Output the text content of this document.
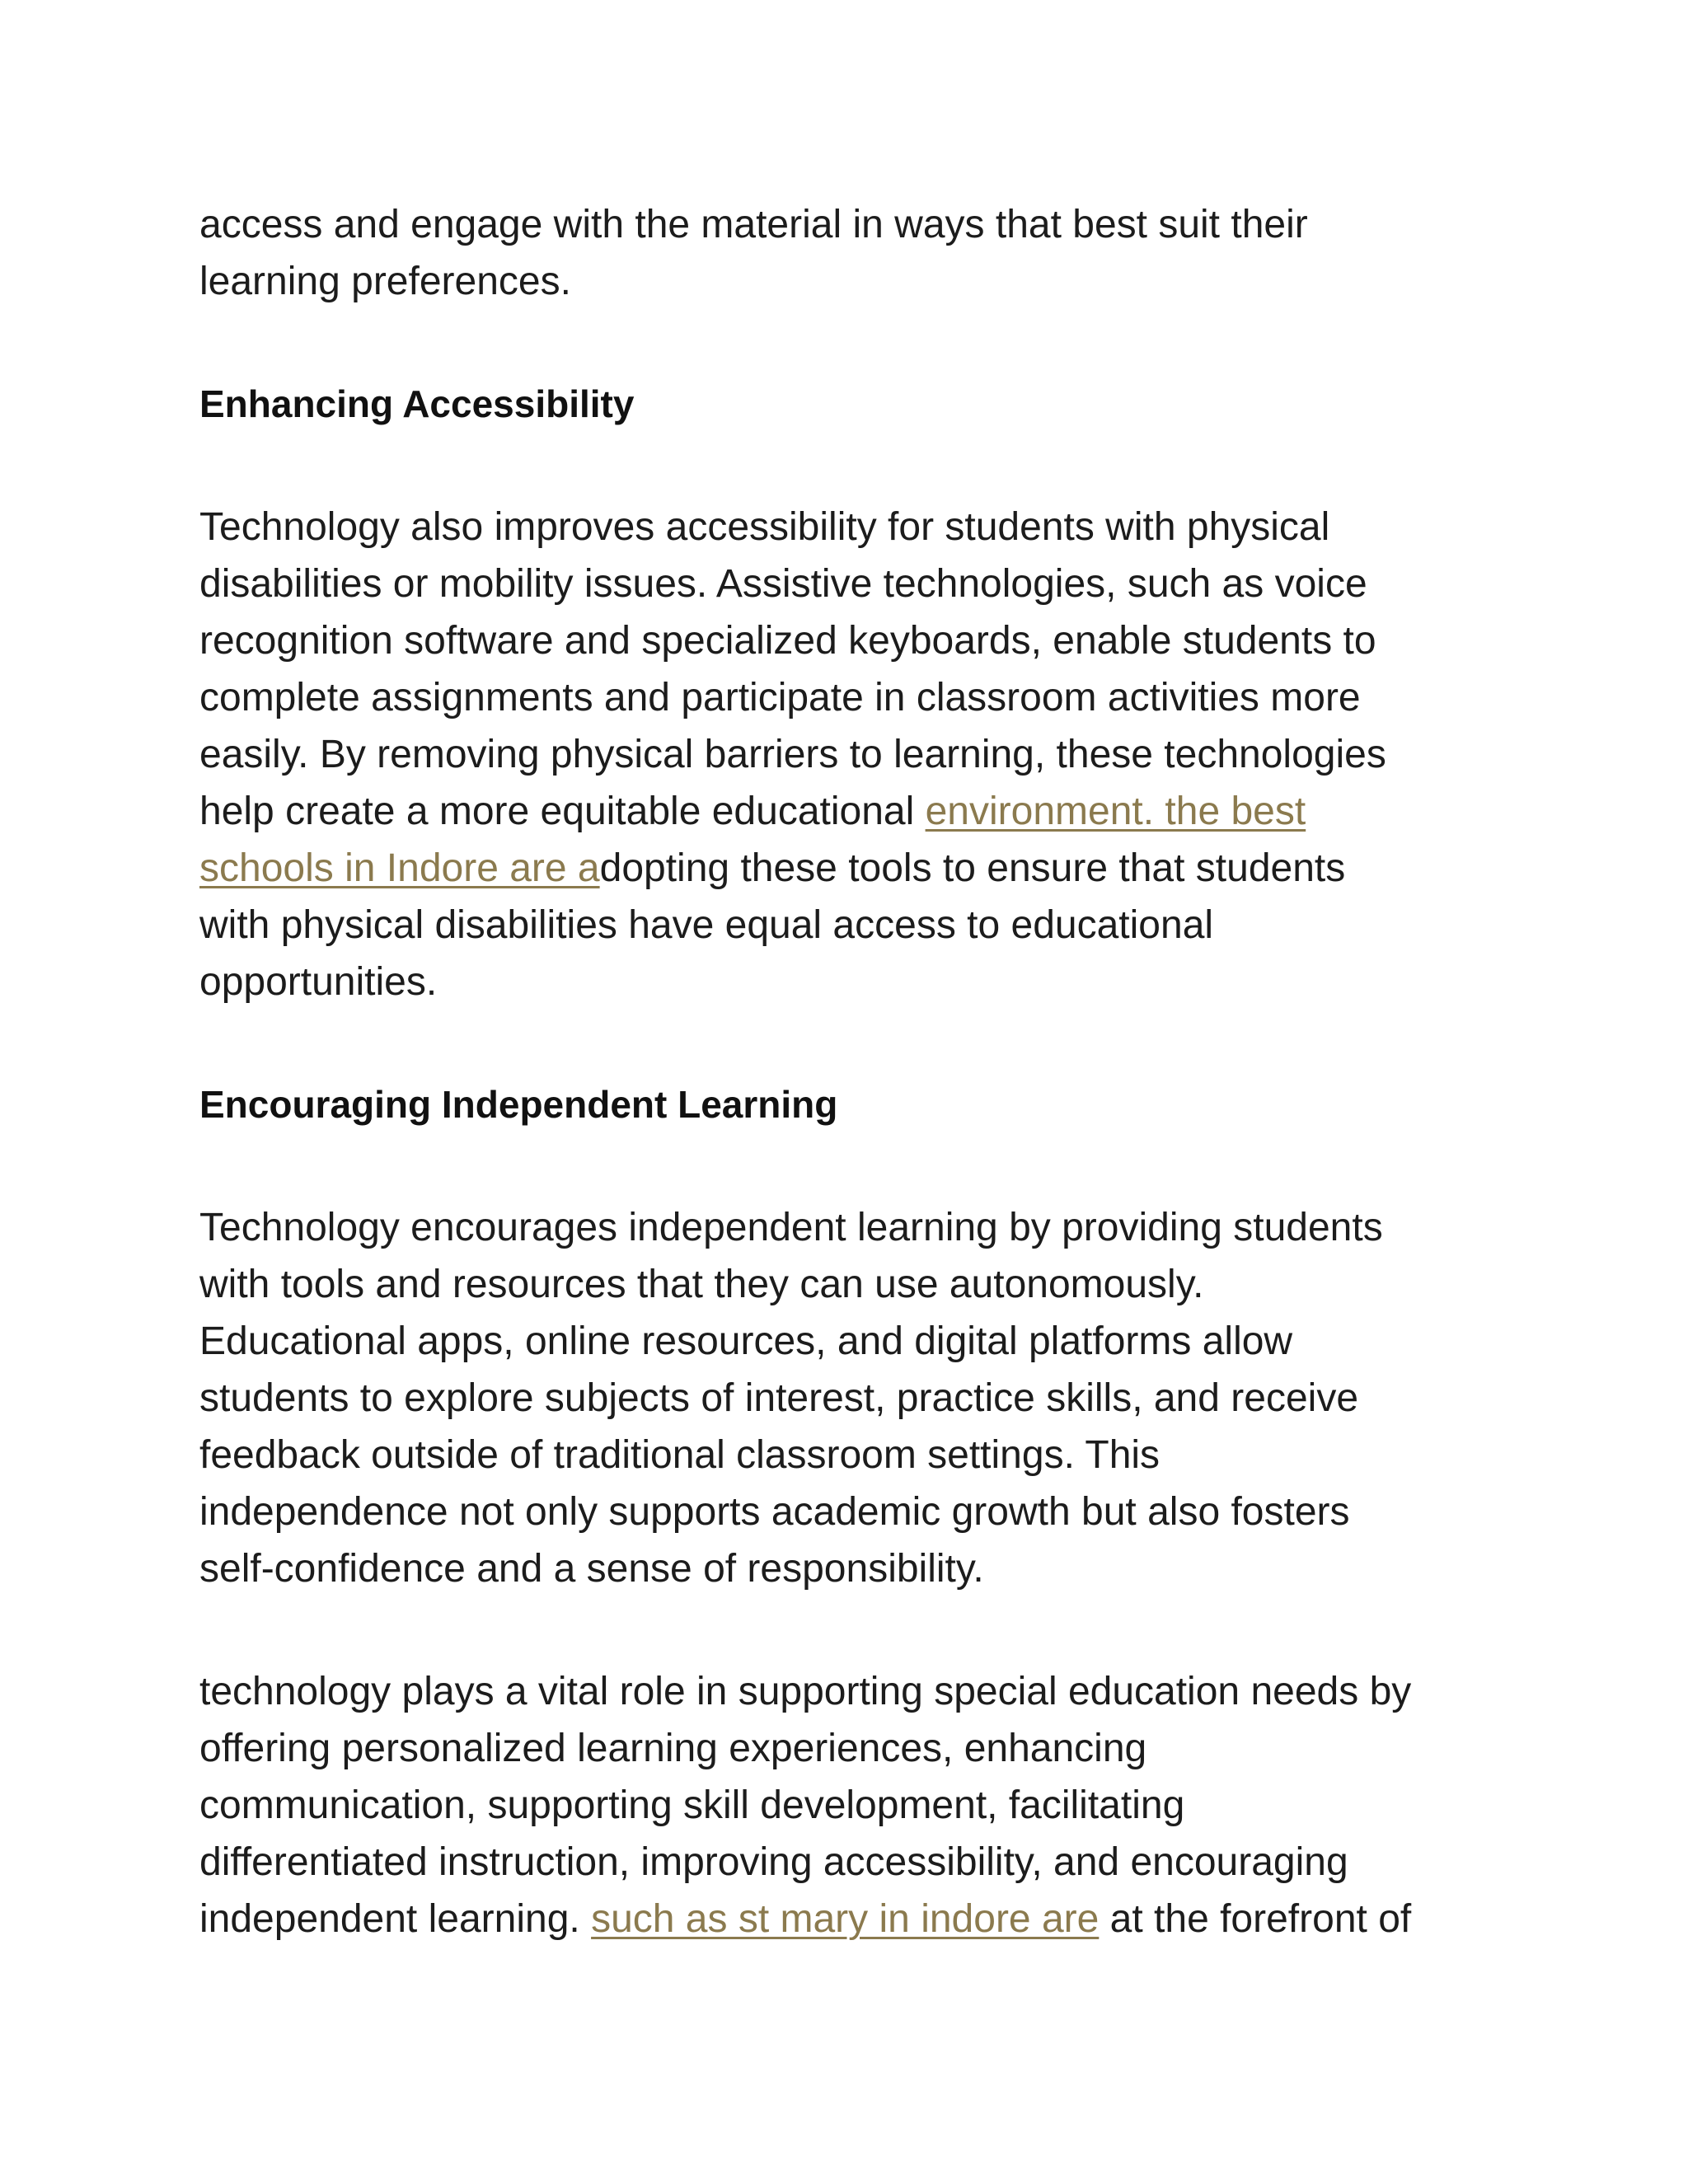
access and engage with the material in ways that best suit their

learning preferences.

Enhancing Accessibility

Technology also improves accessibility for students with physical

disabilities or mobility issues. Assistive technologies, such as voice

recognition software and specialized keyboards, enable students to

complete assignments and participate in classroom activities more

easily. By removing physical barriers to learning, these technologies

help create a more equitable educational environment. the best

schools in Indore are adopting these tools to ensure that students

with physical disabilities have equal access to educational

opportunities.

Encouraging Independent Learning

Technology encourages independent learning by providing students

with tools and resources that they can use autonomously.

Educational apps, online resources, and digital platforms allow

students to explore subjects of interest, practice skills, and receive

feedback outside of traditional classroom settings. This

independence not only supports academic growth but also fosters

self-confidence and a sense of responsibility.

technology plays a vital role in supporting special education needs by

offering personalized learning experiences, enhancing

communication, supporting skill development, facilitating

differentiated instruction, improving accessibility, and encouraging

independent learning. such as st mary in indore are at the forefront of
